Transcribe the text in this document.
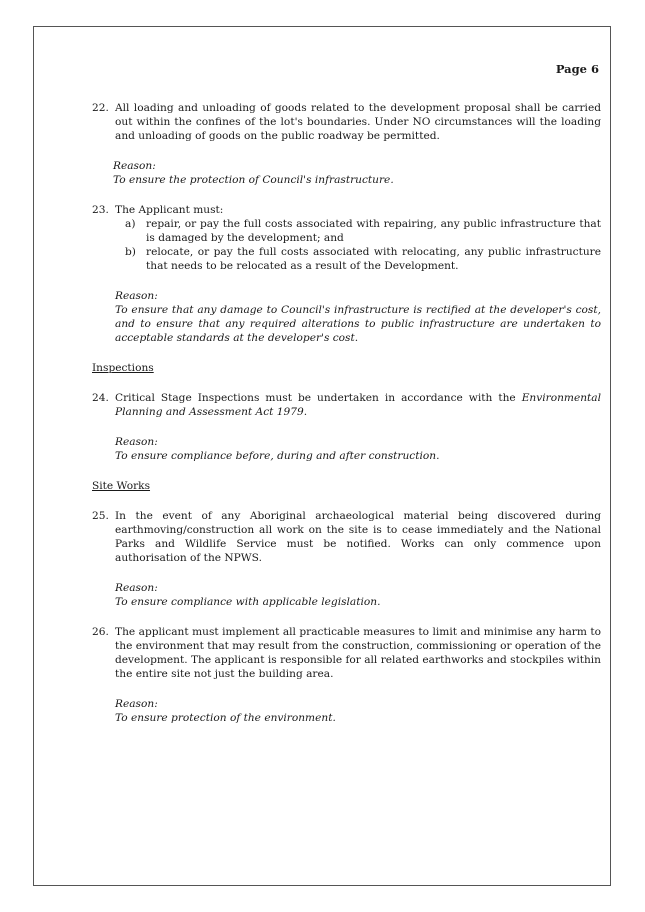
Page 6
22. All loading and unloading of goods related to the development proposal shall be carried out within the confines of the lot's boundaries. Under NO circumstances will the loading and unloading of goods on the public roadway be permitted.
Reason:
To ensure the protection of Council's infrastructure.
23. The Applicant must:
a) repair, or pay the full costs associated with repairing, any public infrastructure that is damaged by the development; and
b) relocate, or pay the full costs associated with relocating, any public infrastructure that needs to be relocated as a result of the Development.
Reason:
To ensure that any damage to Council's infrastructure is rectified at the developer's cost, and to ensure that any required alterations to public infrastructure are undertaken to acceptable standards at the developer's cost.
Inspections
24. Critical Stage Inspections must be undertaken in accordance with the Environmental Planning and Assessment Act 1979.
Reason:
To ensure compliance before, during and after construction.
Site Works
25. In the event of any Aboriginal archaeological material being discovered during earthmoving/construction all work on the site is to cease immediately and the National Parks and Wildlife Service must be notified. Works can only commence upon authorisation of the NPWS.
Reason:
To ensure compliance with applicable legislation.
26. The applicant must implement all practicable measures to limit and minimise any harm to the environment that may result from the construction, commissioning or operation of the development. The applicant is responsible for all related earthworks and stockpiles within the entire site not just the building area.
Reason:
To ensure protection of the environment.
